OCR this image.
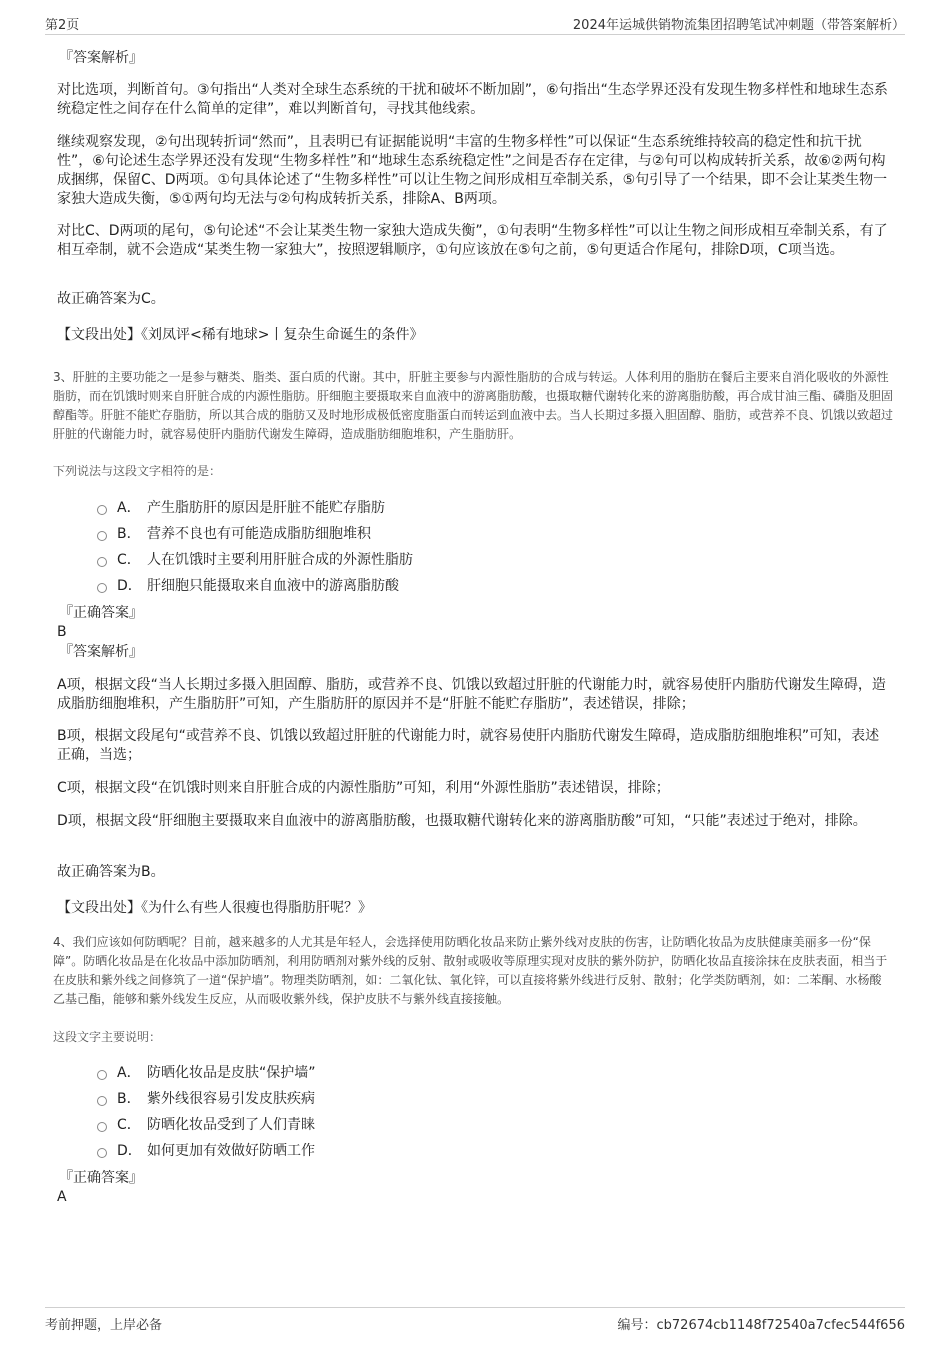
第2页	2024年运城供销物流集团招聘笔试冲刺题（带答案解析）
『答案解析』

对比选项，判断首句。③句指出“人类对全球生态系统的干扰和破坏不断加剧”，⑥句指出“生态学界还没有发现生物多样性和地球生态系统稳定性之间存在什么简单的定律”，难以判断首句，寻找其他线索。

继续观察发现，②句出现转折词“然而”，且表明已有证据能说明“丰富的生物多样性”可以保证“生态系统维持较高的稳定性和抗干扰性”，⑥句论述生态学界还没有发现“生物多样性”和“地球生态系统稳定性”之间是否存在定律，与②句可以构成转折关系，故⑥②两句构成捆绑，保留C、D两项。①句具体论述了“生物多样性”可以让生物之间形成相互牵制关系，⑤句引导了一个结果，即不会让某类生物一家独大造成失衡，⑤①两句均无法与②句构成转折关系，排除A、B两项。

对比C、D两项的尾句，⑤句论述“不会让某类生物一家独大造成失衡”，①句表明“生物多样性”可以让生物之间形成相互牵制关系，有了相互牵制，就不会造成“某类生物一家独大”，按照逻辑顺序，①句应该放在⑤句之前，⑤句更适合作尾句，排除D项，C项当选。

故正确答案为C。

【文段出处】《刘凤评<稀有地球>丨复杂生命诞生的条件》

3、肝脏的主要功能之一是参与糖类、脂类、蛋白质的代谢。其中，肝脏主要参与内源性脂肪的合成与转运。人体利用的脂肪在餐后主要来自消化吸收的外源性脂肪，而在饥饿时则来自肝脏合成的内源性脂肪。肝细胞主要摄取来自血液中的游离脂肪酸，也摄取糖代谢转化来的游离脂肪酸，再合成甘油三酯、磷脂及胆固醇酯等。肝脏不能贮存脂肪，所以其合成的脂肪又及时地形成极低密度脂蛋白而转运到血液中去。当人长期过多摄入胆固醇、脂肪，或营养不良、饥饿以致超过肝脏的代谢能力时，就容易使肝内脂肪代谢发生障碍，造成脂肪细胞堆积，产生脂肪肝。

下列说法与这段文字相符的是：

A． 产生脂肪肝的原因是肝脏不能贮存脂肪
B． 营养不良也有可能造成脂肪细胞堆积
C． 人在饥饿时主要利用肝脏合成的外源性脂肪
D． 肝细胞只能摄取来自血液中的游离脂肪酸
『正确答案』
B
『答案解析』

A项，根据文段“当人长期过多摄入胆固醇、脂肪，或营养不良、饥饿以致超过肝脏的代谢能力时，就容易使肝内脂肪代谢发生障碍，造成脂肪细胞堆积，产生脂肪肝”可知，产生脂肪肝的原因并不是“肝脏不能贮存脂肪”，表述错误，排除；

B项，根据文段尾句“或营养不良、饥饿以致超过肝脏的代谢能力时，就容易使肝内脂肪代谢发生障碍，造成脂肪细胞堆积”可知，表述正确，当选；

C项，根据文段“在饥饿时则来自肝脏合成的内源性脂肪”可知，利用“外源性脂肪”表述错误，排除；

D项，根据文段“肝细胞主要摄取来自血液中的游离脂肪酸，也摄取糖代谢转化来的游离脂肪酸”可知，“只能”表述过于绝对，排除。

故正确答案为B。

【文段出处】《为什么有些人很瘦也得脂肪肝呢？》

4、我们应该如何防晒呢？目前，越来越多的人尤其是年轻人，会选择使用防晒化妆品来防止紫外线对皮肤的伤害，让防晒化妆品为皮肤健康美丽多一份“保障”。防晒化妆品是在化妆品中添加防晒剂，利用防晒剂对紫外线的反射、散射或吸收等原理实现对皮肤的紫外防护，防晒化妆品直接涂抹在皮肤表面，相当于在皮肤和紫外线之间修筑了一道“保护墙”。物理类防晒剂，如：二氧化钛、氧化锌，可以直接将紫外线进行反射、散射；化学类防晒剂，如：二苯酮、水杨酸乙基己酯，能够和紫外线发生反应，从而吸收紫外线，保护皮肤不与紫外线直接接触。

这段文字主要说明：

A． 防晒化妆品是皮肤“保护墙”
B． 紫外线很容易引发皮肤疾病
C． 防晒化妆品受到了人们青睐
D． 如何更加有效做好防晒工作
『正确答案』
A
考前押题，上岸必备	编号：cb72674cb1148f72540a7cfec544f656
